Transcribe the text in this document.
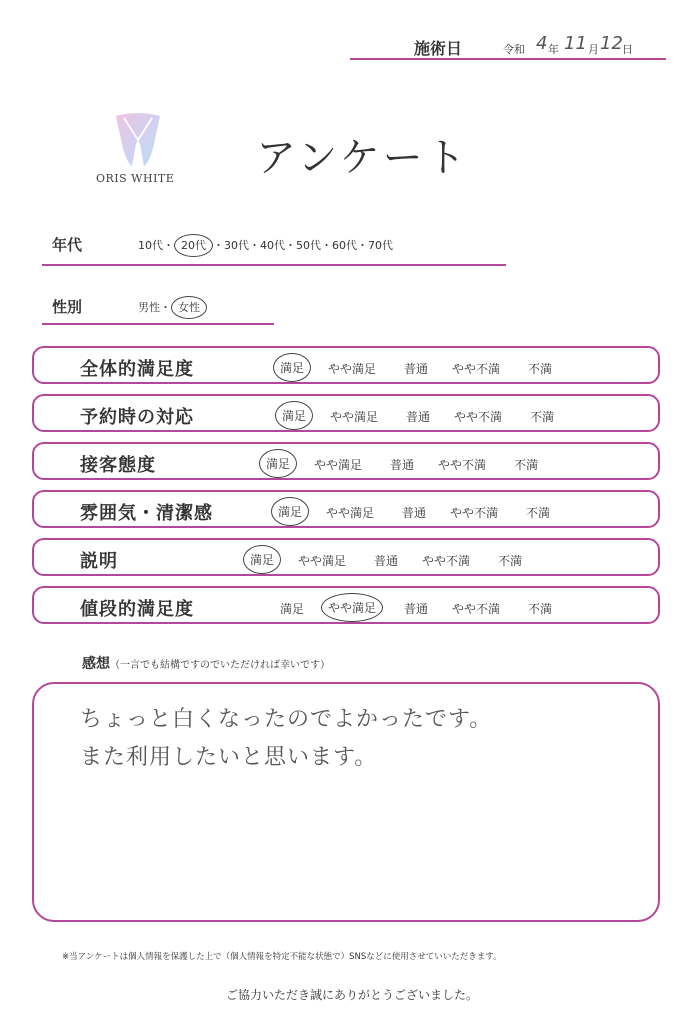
施術日	令和 4 年 11 月 12 日
ORIS WHITE アンケート
年代	10代・ 20代 ・30代・40代・50代・60代・70代
性別	男性・ 女性
全体的満足度	満足	やや満足 普通 やや不満 不満
予約時の対応	満足	やや満足 普通 やや不満 不満
接客態度	満足	やや満足 普通 やや不満 不満
雰囲気・清潔感	満足	やや満足 普通 やや不満 不満
説明	満足	やや満足 普通 やや不満 不満
値段的満足度	満足	やや満足	普通 やや不満 不満
感想 （一言でも結構ですのでいただければ幸いです）
ちょっと白くなったのでよかったです。
また利用したいと思います。
※当アンケートは個人情報を保護した上で（個人情報を特定不能な状態で）SNSなどに使用させていいただきます。
ご協力いただき誠にありがとうございました。
